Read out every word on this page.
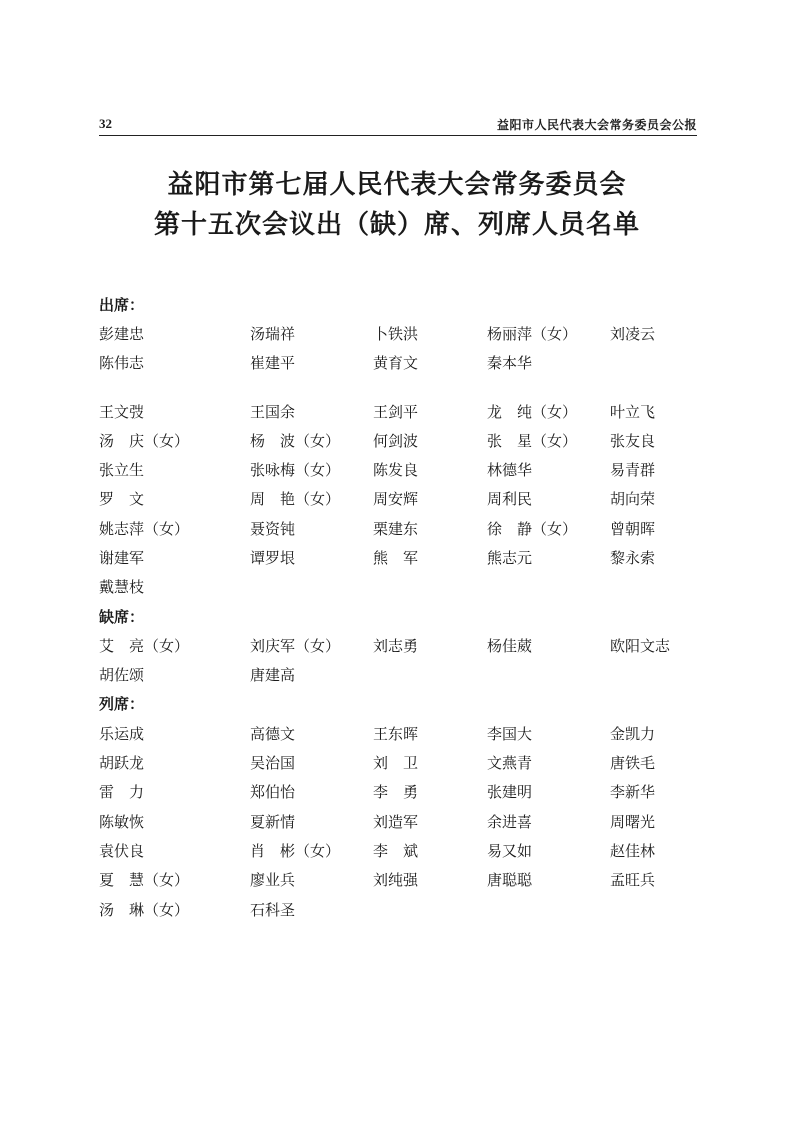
32	益阳市人民代表大会常务委员会公报
益阳市第七届人民代表大会常务委员会
第十五次会议出（缺）席、列席人员名单
出席：
彭建忠	汤瑞祥	卜铁洪	杨丽萍（女） 刘凌云
陈伟志	崔建平	黄育文	秦本华
王文弢	王国余	王剑平	龙　纯（女） 叶立飞
汤　庆（女）	杨　波（女） 何剑波	张　星（女） 张友良
张立生	张咏梅（女） 陈发良	林德华	易青群
罗　文	周　艳（女） 周安辉	周利民	胡向荣
姚志萍（女）	聂资钝	栗建东	徐　静（女） 曾朝晖
谢建军	谭罗垠	熊　军	熊志元	黎永索
戴慧枝
缺席：
艾　亮（女）	刘庆军（女） 刘志勇	杨佳葳	欧阳文志
胡佐颂	唐建高
列席：
乐运成	高德文	王东晖	李国大	金凯力
胡跃龙	吴治国	刘　卫	文燕青	唐铁毛
雷　力	郑伯怡	李　勇	张建明	李新华
陈敏恢	夏新情	刘造军	余进喜	周曙光
袁伏良	肖　彬（女） 李　斌	易又如	赵佳林
夏　慧（女）	廖业兵	刘纯强	唐聪聪	孟旺兵
汤　琳（女）	石科圣
